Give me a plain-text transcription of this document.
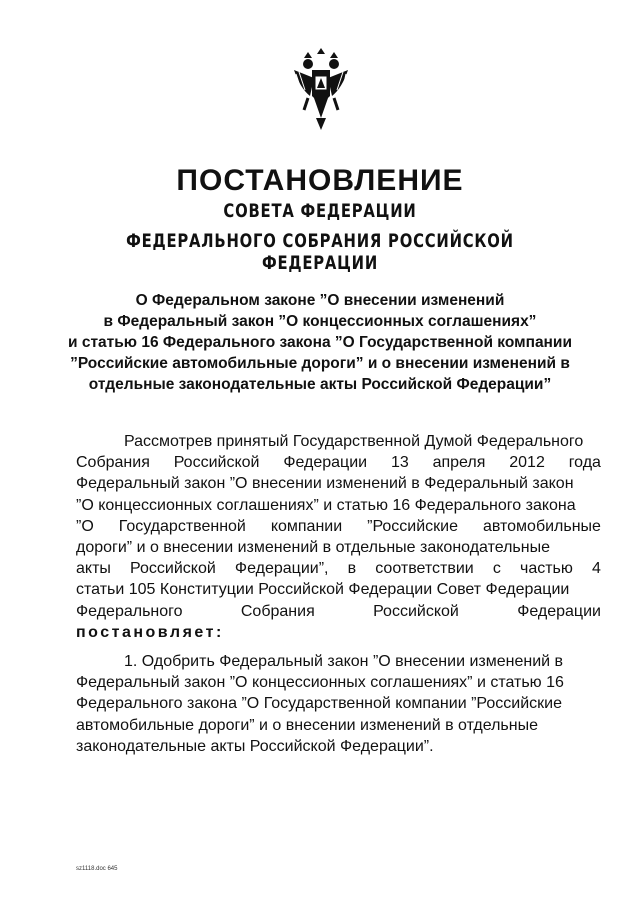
ПОСТАНОВЛЕНИЕ
СОВЕТА ФЕДЕРАЦИИ
ФЕДЕРАЛЬНОГО СОБРАНИЯ РОССИЙСКОЙ ФЕДЕРАЦИИ
О Федеральном законе ”О внесении изменений
в Федеральный закон ”О концессионных соглашениях”
и статью 16 Федерального закона ”О Государственной компании
”Российские автомобильные дороги” и о внесении изменений в
отдельные законодательные акты Российской Федерации”
Рассмотрев принятый Государственной Думой Федерального
Собрания Российской Федерации 13 апреля 2012 года
Федеральный закон ”О внесении изменений в Федеральный закон
”О концессионных соглашениях” и статью 16 Федерального закона
”О Государственной компании ”Российские автомобильные
дороги” и о внесении изменений в отдельные законодательные
акты Российской Федерации”, в соответствии с частью 4
статьи 105 Конституции Российской Федерации Совет Федерации
Федерального	Собрания	Российской	Федерации
постановляет:
1. Одобрить Федеральный закон ”О внесении изменений в
Федеральный закон ”О концессионных соглашениях” и статью 16
Федерального закона ”О Государственной компании ”Российские
автомобильные дороги” и о внесении изменений в отдельные
законодательные акты Российской Федерации”.
sz1118.doc 645
